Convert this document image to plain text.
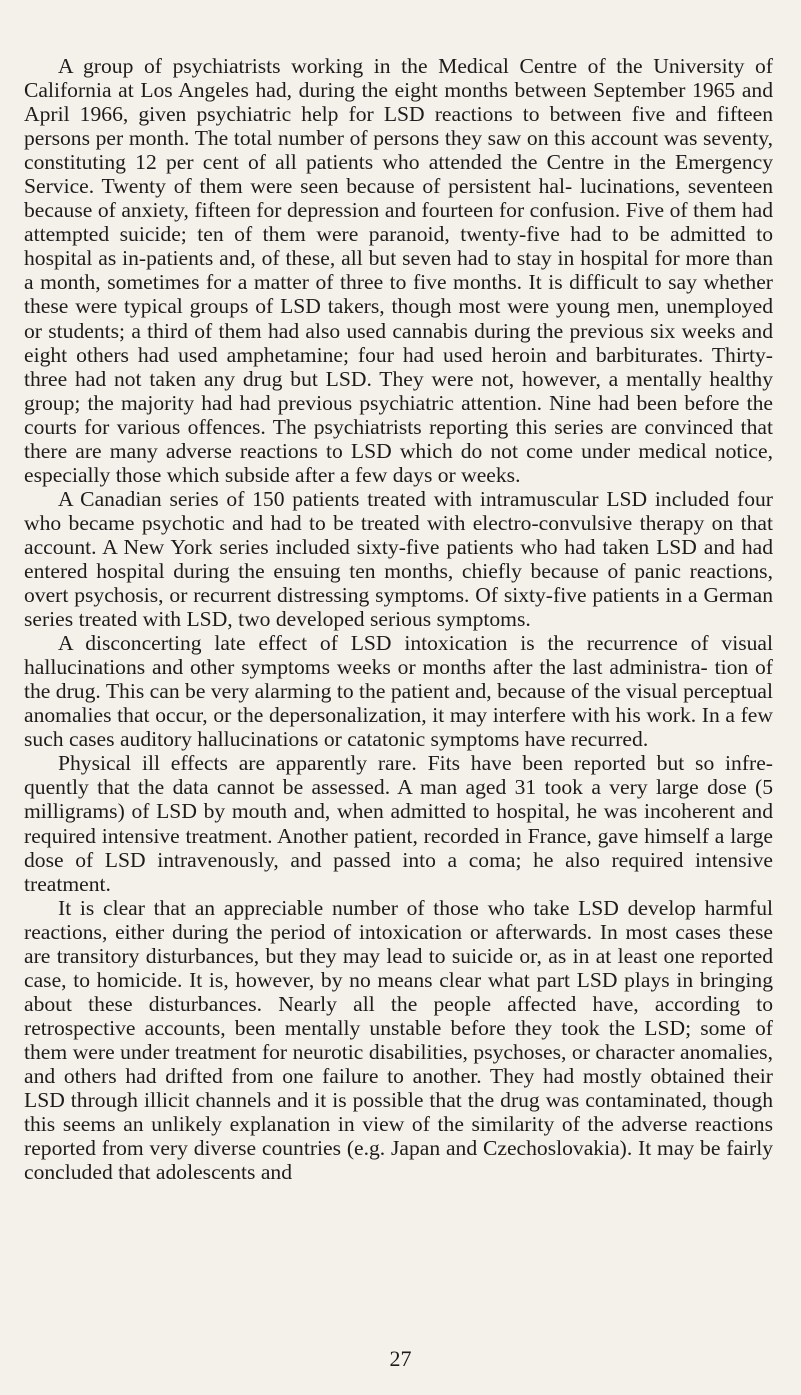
A group of psychiatrists working in the Medical Centre of the University of California at Los Angeles had, during the eight months between September 1965 and April 1966, given psychiatric help for LSD reactions to between five and fifteen persons per month. The total number of persons they saw on this account was seventy, constituting 12 per cent of all patients who attended the Centre in the Emergency Service. Twenty of them were seen because of persistent hal- lucinations, seventeen because of anxiety, fifteen for depression and fourteen for confusion. Five of them had attempted suicide; ten of them were paranoid, twenty-five had to be admitted to hospital as in-patients and, of these, all but seven had to stay in hospital for more than a month, sometimes for a matter of three to five months. It is difficult to say whether these were typical groups of LSD takers, though most were young men, unemployed or students; a third of them had also used cannabis during the previous six weeks and eight others had used amphetamine; four had used heroin and barbiturates. Thirty-three had not taken any drug but LSD. They were not, however, a mentally healthy group; the majority had had previous psychiatric attention. Nine had been before the courts for various offences. The psychiatrists reporting this series are convinced that there are many adverse reactions to LSD which do not come under medical notice, especially those which subside after a few days or weeks.

A Canadian series of 150 patients treated with intramuscular LSD included four who became psychotic and had to be treated with electro-convulsive therapy on that account. A New York series included sixty-five patients who had taken LSD and had entered hospital during the ensuing ten months, chiefly because of panic reactions, overt psychosis, or recurrent distressing symptoms. Of sixty-five patients in a German series treated with LSD, two developed serious symptoms.

A disconcerting late effect of LSD intoxication is the recurrence of visual hallucinations and other symptoms weeks or months after the last administra- tion of the drug. This can be very alarming to the patient and, because of the visual perceptual anomalies that occur, or the depersonalization, it may interfere with his work. In a few such cases auditory hallucinations or catatonic symptoms have recurred.

Physical ill effects are apparently rare. Fits have been reported but so infre- quently that the data cannot be assessed. A man aged 31 took a very large dose (5 milligrams) of LSD by mouth and, when admitted to hospital, he was incoherent and required intensive treatment. Another patient, recorded in France, gave himself a large dose of LSD intravenously, and passed into a coma; he also required intensive treatment.

It is clear that an appreciable number of those who take LSD develop harmful reactions, either during the period of intoxication or afterwards. In most cases these are transitory disturbances, but they may lead to suicide or, as in at least one reported case, to homicide. It is, however, by no means clear what part LSD plays in bringing about these disturbances. Nearly all the people affected have, according to retrospective accounts, been mentally unstable before they took the LSD; some of them were under treatment for neurotic disabilities, psychoses, or character anomalies, and others had drifted from one failure to another. They had mostly obtained their LSD through illicit channels and it is possible that the drug was contaminated, though this seems an unlikely explanation in view of the similarity of the adverse reactions reported from very diverse countries (e.g. Japan and Czechoslovakia). It may be fairly concluded that adolescents and

27
